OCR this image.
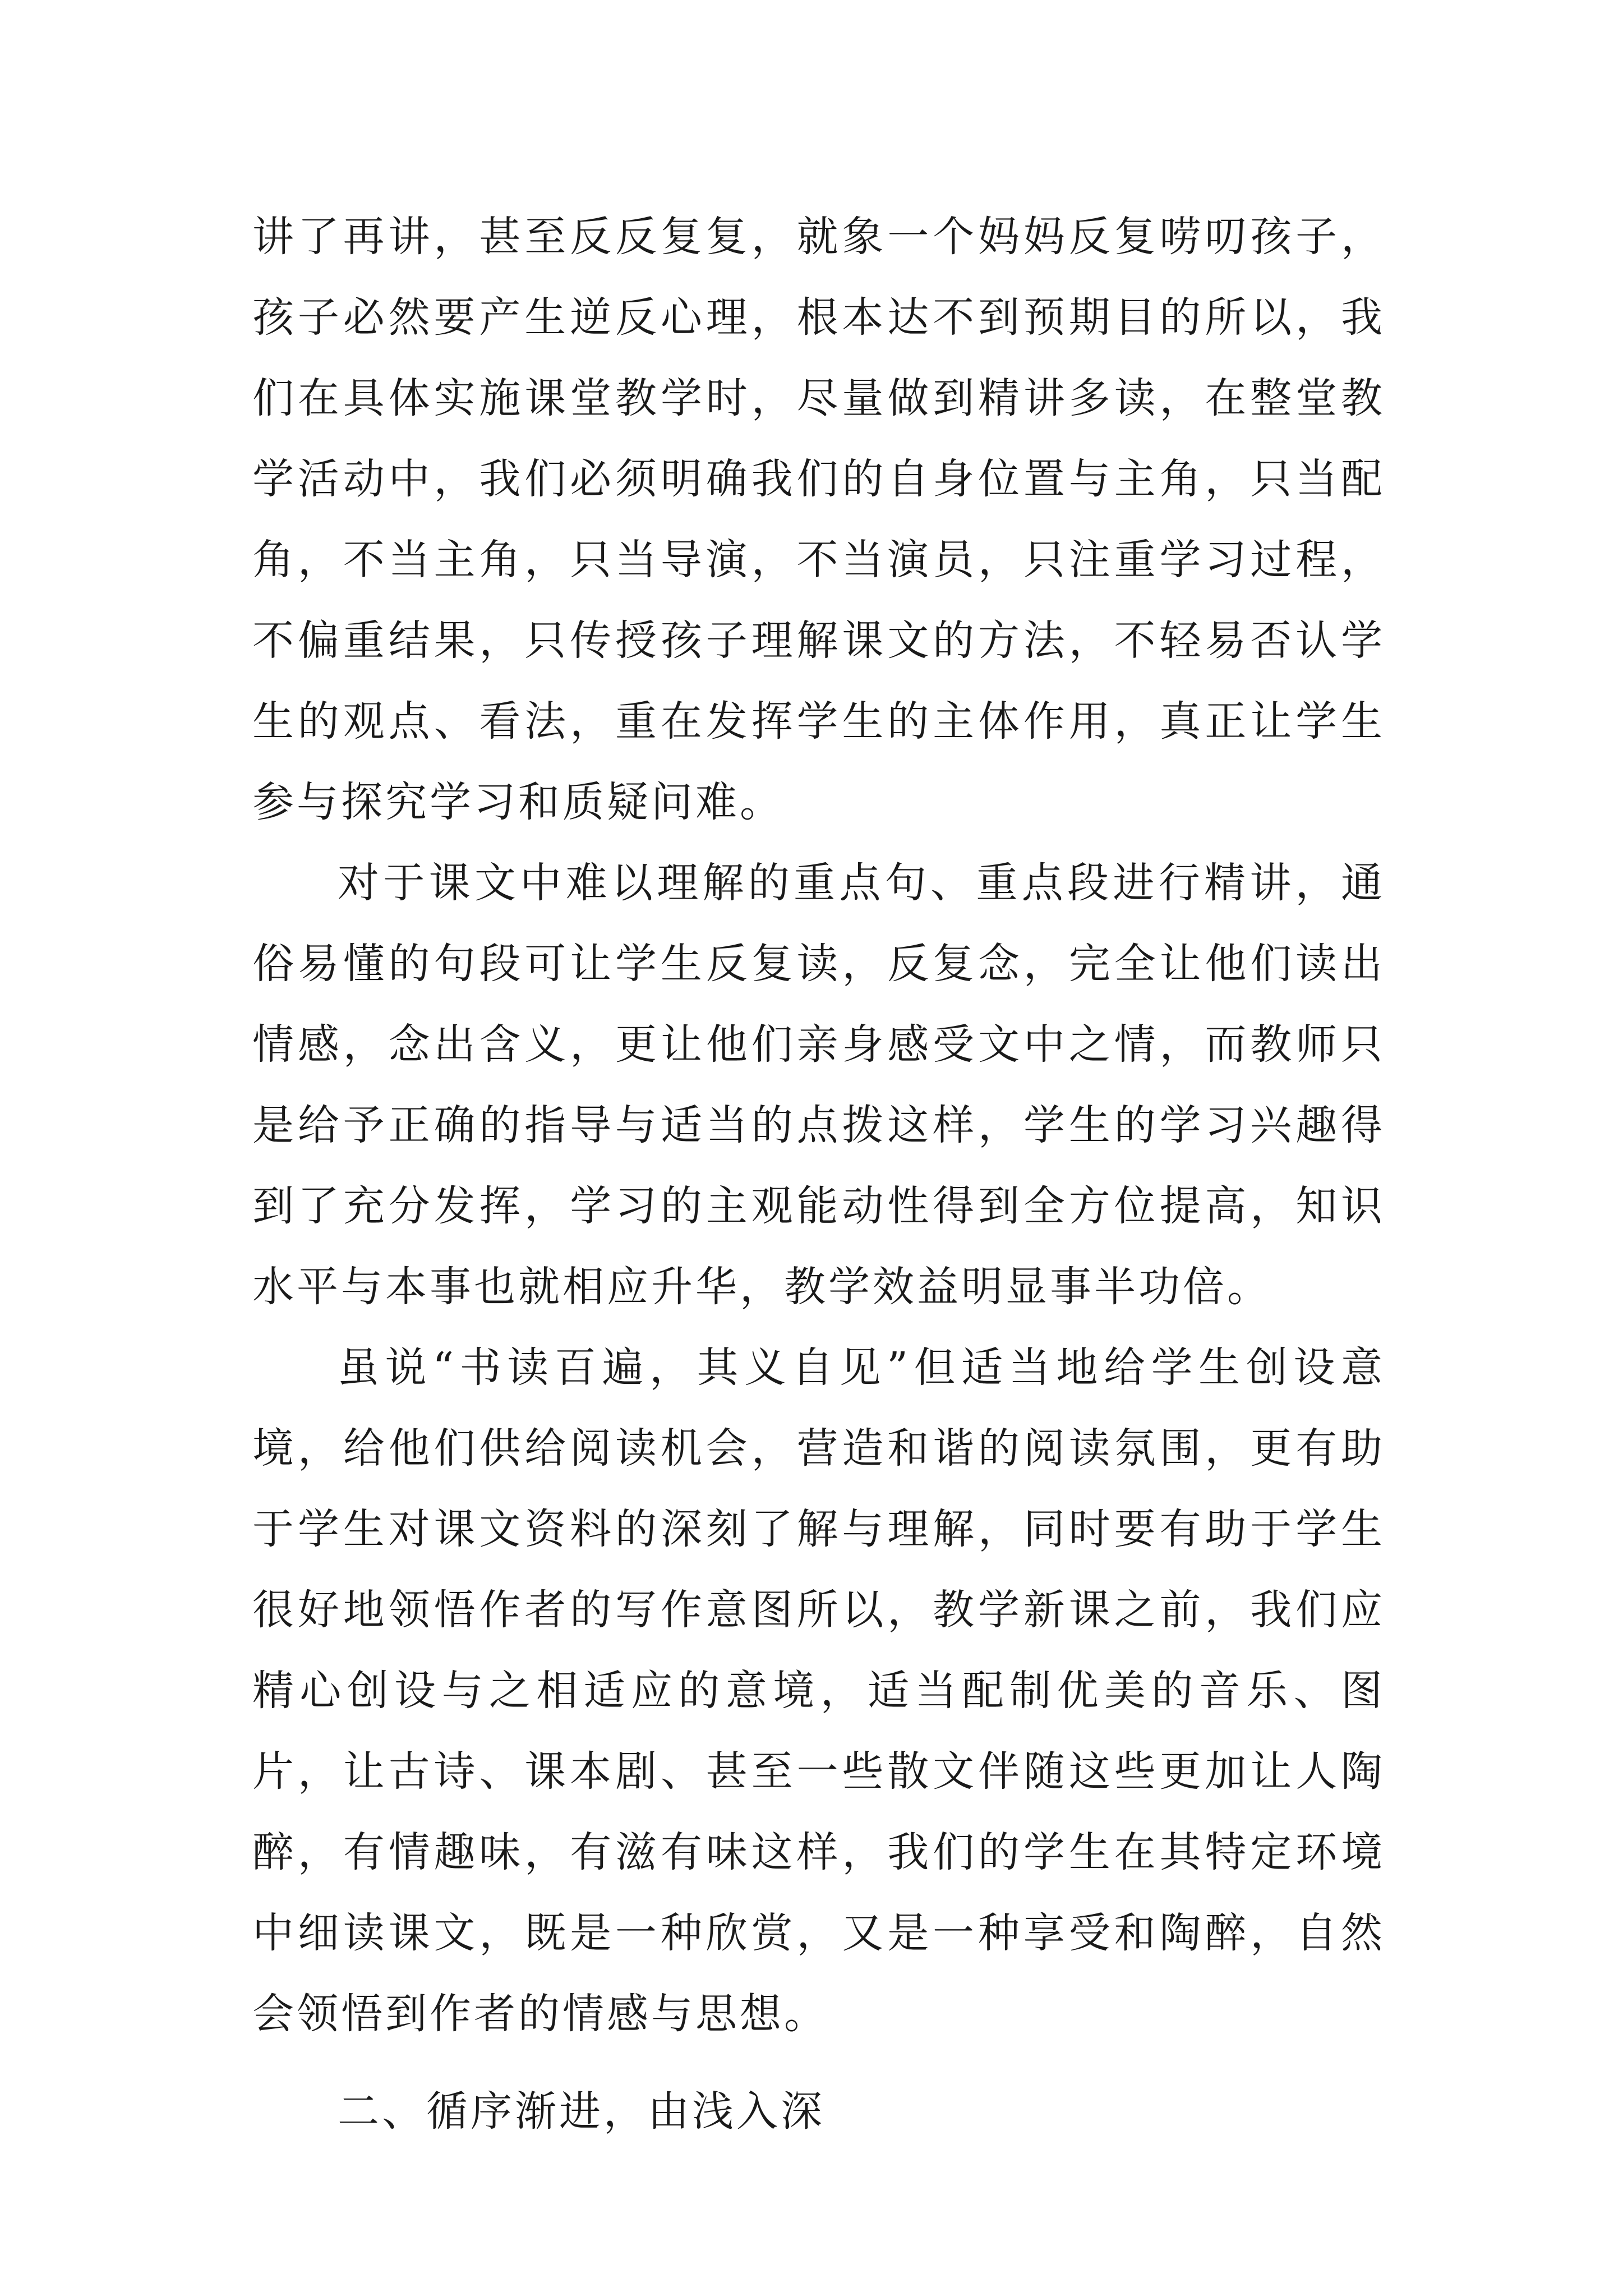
讲了再讲，甚至反反复复，就象一个妈妈反复唠叨孩子，孩子必然要产生逆反心理，根本达不到预期目的所以，我们在具体实施课堂教学时，尽量做到精讲多读，在整堂教学活动中，我们必须明确我们的自身位置与主角，只当配角，不当主角，只当导演，不当演员，只注重学习过程，不偏重结果，只传授孩子理解课文的方法，不轻易否认学生的观点、看法，重在发挥学生的主体作用，真正让学生参与探究学习和质疑问难。

对于课文中难以理解的重点句、重点段进行精讲，通俗易懂的句段可让学生反复读，反复念，完全让他们读出情感，念出含义，更让他们亲身感受文中之情，而教师只是给予正确的指导与适当的点拨这样，学生的学习兴趣得到了充分发挥，学习的主观能动性得到全方位提高，知识水平与本事也就相应升华，教学效益明显事半功倍。

虽说“书读百遍，其义自见”但适当地给学生创设意境，给他们供给阅读机会，营造和谐的阅读氛围，更有助于学生对课文资料的深刻了解与理解，同时要有助于学生很好地领悟作者的写作意图所以，教学新课之前，我们应精心创设与之相适应的意境，适当配制优美的音乐、图片，让古诗、课本剧、甚至一些散文伴随这些更加让人陶醉，有情趣味，有滋有味这样，我们的学生在其特定环境中细读课文，既是一种欣赏，又是一种享受和陶醉，自然会领悟到作者的情感与思想。

二、循序渐进，由浅入深
